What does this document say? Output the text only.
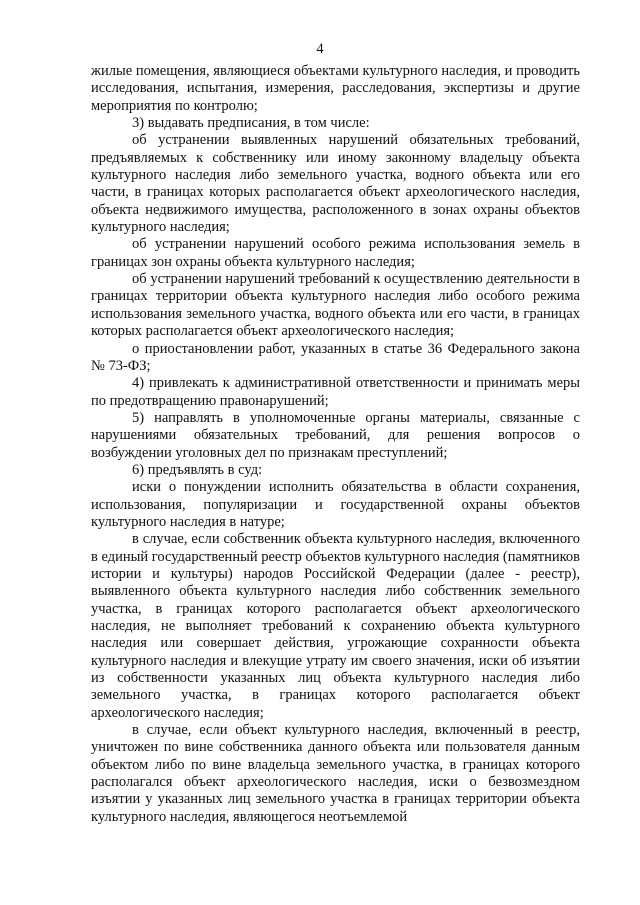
4

жилые помещения, являющиеся объектами культурного наследия, и проводить исследования, испытания, измерения, расследования, экспертизы и другие мероприятия по контролю;

3) выдавать предписания, в том числе:

об устранении выявленных нарушений обязательных требований, предъявляемых к собственнику или иному законному владельцу объекта культурного наследия либо земельного участка, водного объекта или его части, в границах которых располагается объект археологического наследия, объекта недвижимого имущества, расположенного в зонах охраны объектов культурного наследия;

об устранении нарушений особого режима использования земель в границах зон охраны объекта культурного наследия;

об устранении нарушений требований к осуществлению деятельности в границах территории объекта культурного наследия либо особого режима использования земельного участка, водного объекта или его части, в границах которых располагается объект археологического наследия;

о приостановлении работ, указанных в статье 36 Федерального закона № 73-ФЗ;

4) привлекать к административной ответственности и принимать меры по предотвращению правонарушений;

5) направлять в уполномоченные органы материалы, связанные с нарушениями обязательных требований, для решения вопросов о возбуждении уголовных дел по признакам преступлений;

6) предъявлять в суд:

иски о понуждении исполнить обязательства в области сохранения, использования, популяризации и государственной охраны объектов культурного наследия в натуре;

в случае, если собственник объекта культурного наследия, включенного в единый государственный реестр объектов культурного наследия (памятников истории и культуры) народов Российской Федерации (далее - реестр), выявленного объекта культурного наследия либо собственник земельного участка, в границах которого располагается объект археологического наследия, не выполняет требований к сохранению объекта культурного наследия или совершает действия, угрожающие сохранности объекта культурного наследия и влекущие утрату им своего значения, иски об изъятии из собственности указанных лиц объекта культурного наследия либо земельного участка, в границах которого располагается объект археологического наследия;

в случае, если объект культурного наследия, включенный в реестр, уничтожен по вине собственника данного объекта или пользователя данным объектом либо по вине владельца земельного участка, в границах которого располагался объект археологического наследия, иски о безвозмездном изъятии у указанных лиц земельного участка в границах территории объекта культурного наследия, являющегося неотъемлемой
